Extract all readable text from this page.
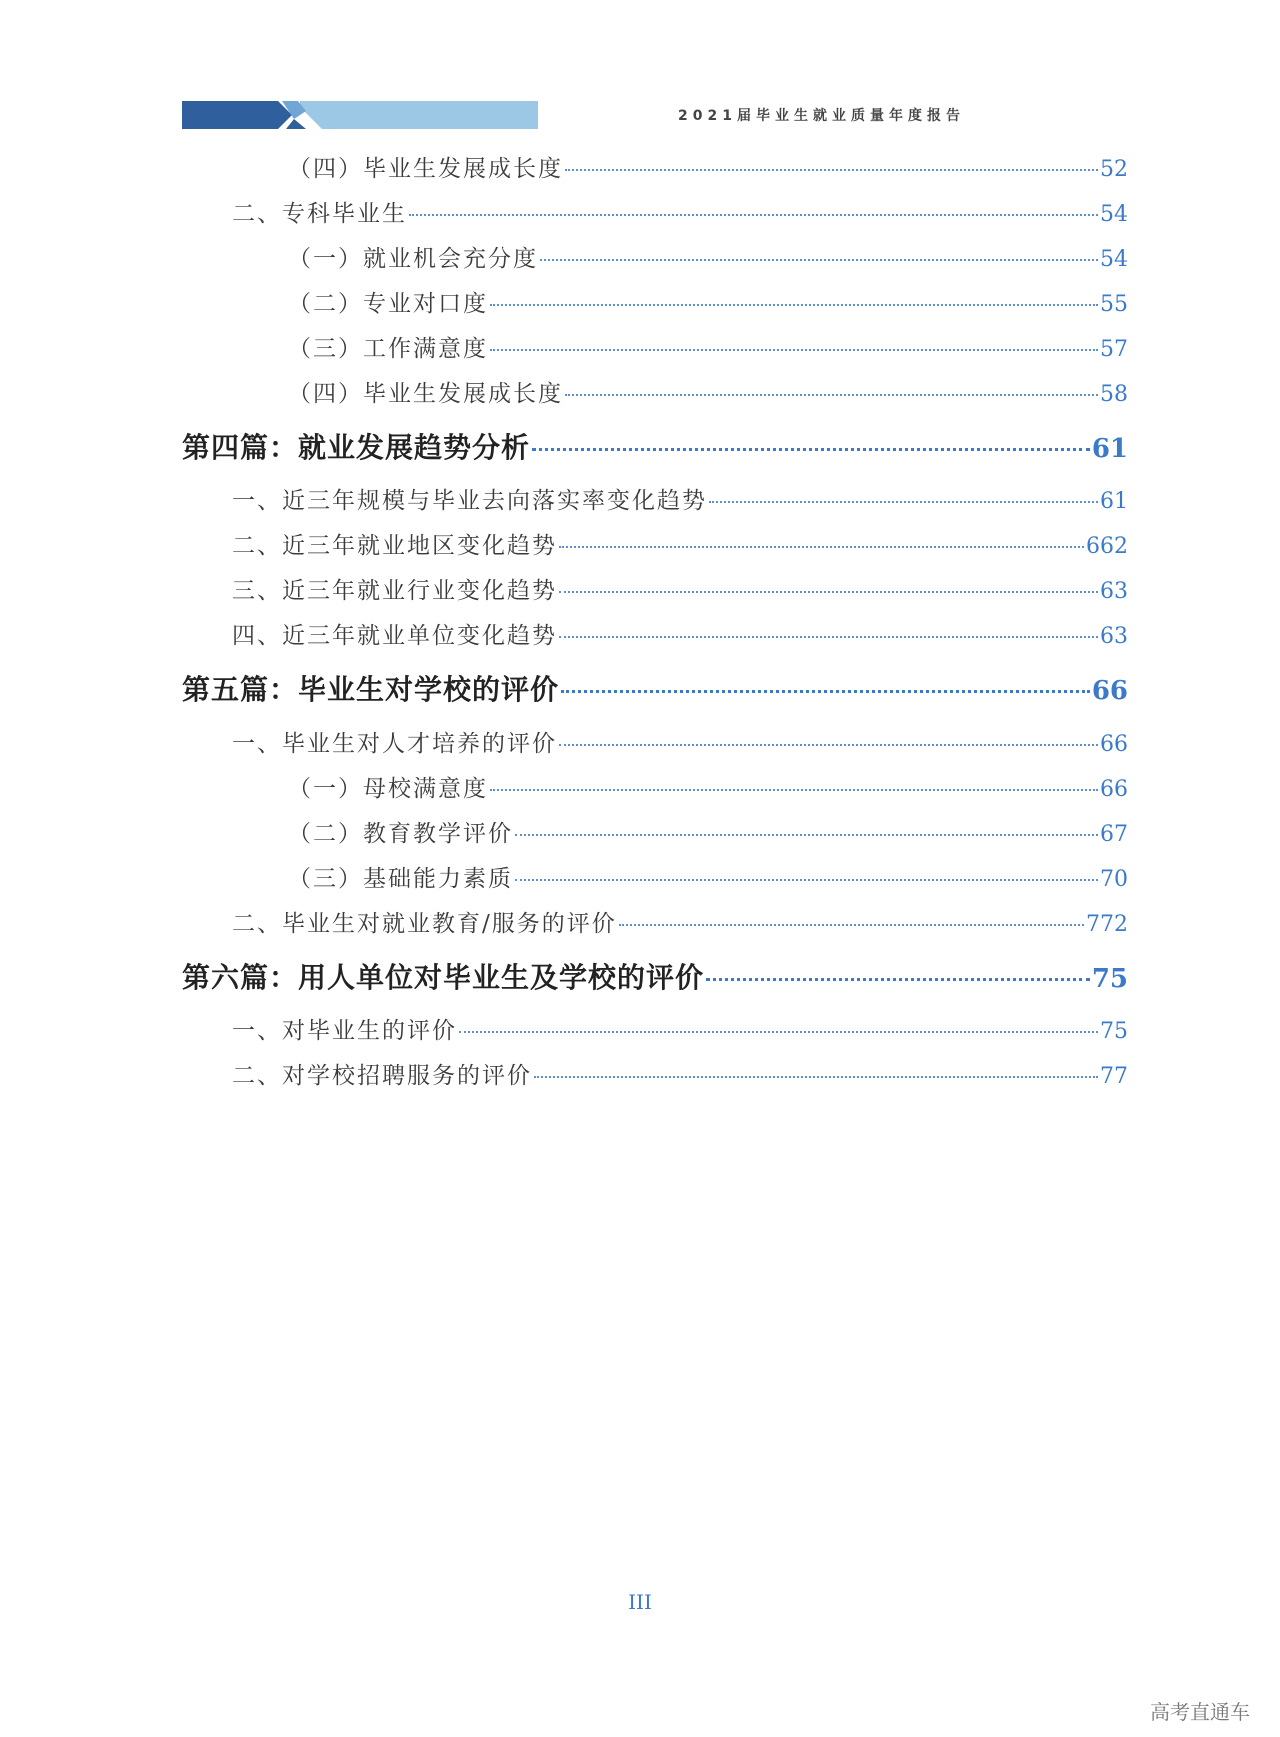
2021届毕业生就业质量年度报告
（四）毕业生发展成长度	52
二、专科毕业生	54
（一）就业机会充分度	54
（二）专业对口度	55
（三）工作满意度	57
（四）毕业生发展成长度	58
第四篇：就业发展趋势分析	61
一、近三年规模与毕业去向落实率变化趋势	61
二、近三年就业地区变化趋势	662
三、近三年就业行业变化趋势	63
四、近三年就业单位变化趋势	63
第五篇：毕业生对学校的评价	66
一、毕业生对人才培养的评价	66
（一）母校满意度	66
（二）教育教学评价	67
（三）基础能力素质	70
二、毕业生对就业教育/服务的评价	772
第六篇：用人单位对毕业生及学校的评价	75
一、对毕业生的评价	75
二、对学校招聘服务的评价	77
III
高考直通车
